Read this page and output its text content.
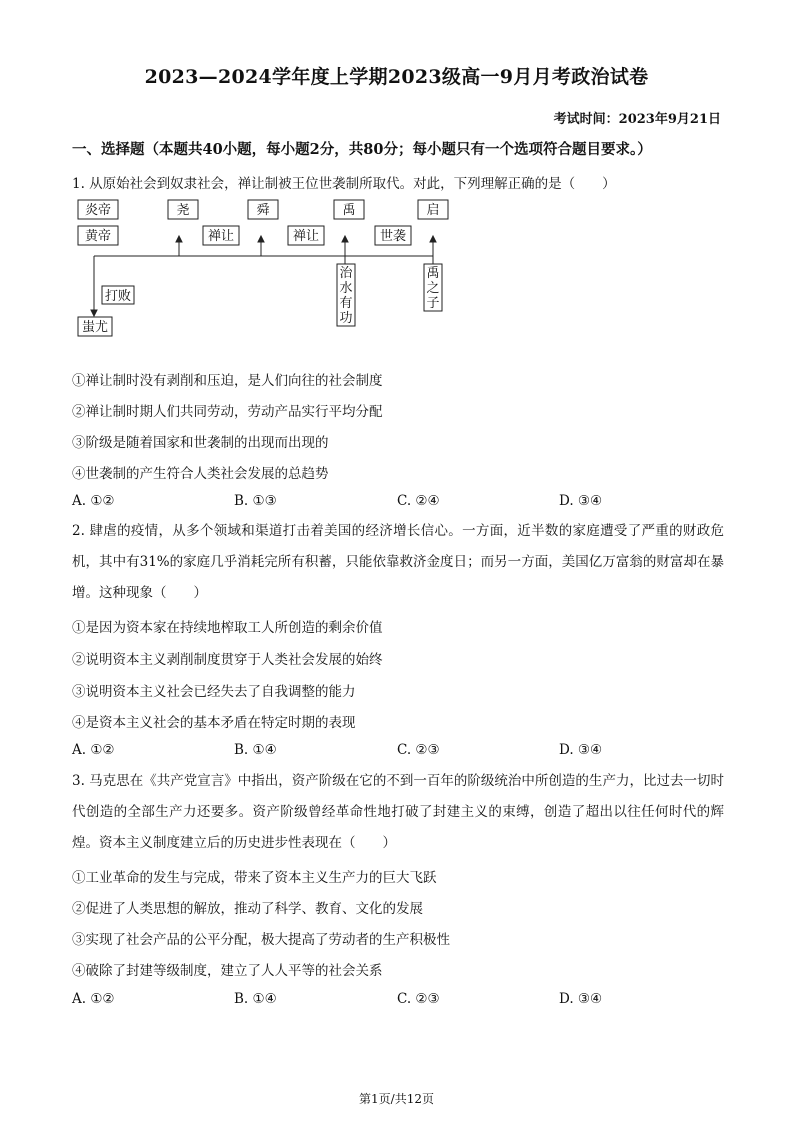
2023—2024学年度上学期2023级高一9月月考政治试卷
考试时间：2023年9月21日
一、选择题（本题共40小题，每小题2分，共80分；每小题只有一个选项符合题目要求。）
1. 从原始社会到奴隶社会，禅让制被王位世袭制所取代。对此，下列理解正确的是（　　）
炎帝	尧	舜	禹	启
黄帝	禅让	禅让	世袭
打败
蚩尤
治
水
有
功
禹
之
子
①禅让制时没有剥削和压迫，是人们向往的社会制度
②禅让制时期人们共同劳动，劳动产品实行平均分配
③阶级是随着国家和世袭制的出现而出现的
④世袭制的产生符合人类社会发展的总趋势
A. ①②	B. ①③	C. ②④	D. ③④
2. 肆虐的疫情，从多个领域和渠道打击着美国的经济增长信心。一方面，近半数的家庭遭受了严重的财政危机，其中有31%的家庭几乎消耗完所有积蓄，只能依靠救济金度日；而另一方面，美国亿万富翁的财富却在暴增。这种现象（　　）
①是因为资本家在持续地榨取工人所创造的剩余价值
②说明资本主义剥削制度贯穿于人类社会发展的始终
③说明资本主义社会已经失去了自我调整的能力
④是资本主义社会的基本矛盾在特定时期的表现
A. ①②	B. ①④	C. ②③	D. ③④
3. 马克思在《共产党宣言》中指出，资产阶级在它的不到一百年的阶级统治中所创造的生产力，比过去一切时代创造的全部生产力还要多。资产阶级曾经革命性地打破了封建主义的束缚，创造了超出以往任何时代的辉煌。资本主义制度建立后的历史进步性表现在（　　）
①工业革命的发生与完成，带来了资本主义生产力的巨大飞跃
②促进了人类思想的解放，推动了科学、教育、文化的发展
③实现了社会产品的公平分配，极大提高了劳动者的生产积极性
④破除了封建等级制度，建立了人人平等的社会关系
A. ①②	B. ①④	C. ②③	D. ③④
第1页/共12页
